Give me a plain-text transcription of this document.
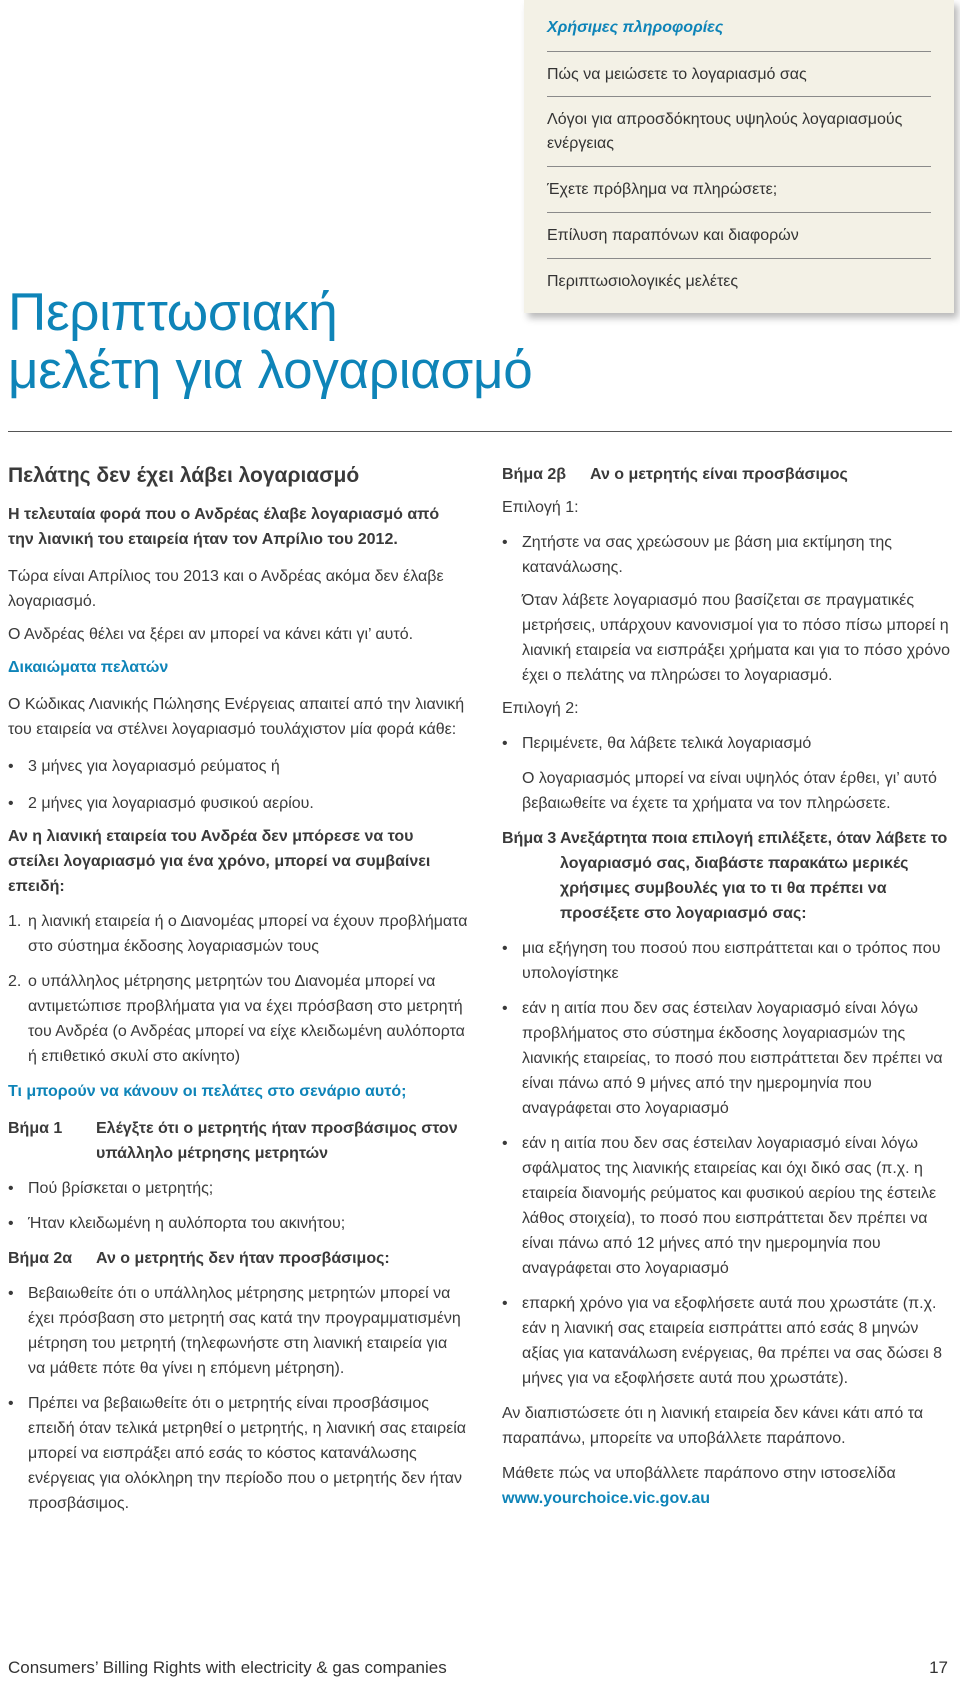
Χρήσιμες πληροφορίες
Πώς να μειώσετε το λογαριασμό σας
Λόγοι για απροσδόκητους υψηλούς λογαριασμούς ενέργειας
Έχετε πρόβλημα να πληρώσετε;
Επίλυση παραπόνων και διαφορών
Περιπτωσιολογικές μελέτες
Περιπτωσιακή
μελέτη για λογαριασμό

Πελάτης δεν έχει λάβει λογαριασμό

Η τελευταία φορά που ο Ανδρέας έλαβε λογαριασμό από την λιανική του εταιρεία ήταν τον Απρίλιο του 2012.

Τώρα είναι Απρίλιος του 2013 και ο Ανδρέας ακόμα δεν έλαβε λογαριασμό.

Ο Ανδρέας θέλει να ξέρει αν μπορεί να κάνει κάτι γι’ αυτό.

Δικαιώματα πελατών

Ο Κώδικας Λιανικής Πώλησης Ενέργειας απαιτεί από την λιανική του εταιρεία να στέλνει λογαριασμό τουλάχιστον μία φορά κάθε:

• 3 μήνες για λογαριασμό ρεύματος ή

• 2 μήνες για λογαριασμό φυσικού αερίου.

Αν η λιανική εταιρεία του Ανδρέα δεν μπόρεσε να του στείλει λογαριασμό για ένα χρόνο, μπορεί να συμβαίνει επειδή:

1. η λιανική εταιρεία ή ο Διανομέας μπορεί να έχουν προβλήματα στο σύστημα έκδοσης λογαριασμών τους
2. ο υπάλληλος μέτρησης μετρητών του Διανομέα μπορεί να αντιμετώπισε προβλήματα για να έχει πρόσβαση στο μετρητή του Ανδρέα (ο Ανδρέας μπορεί να είχε κλειδωμένη αυλόπορτα ή επιθετικό σκυλί στο ακίνητο)

Τι μπορούν να κάνουν οι πελάτες στο σενάριο αυτό;

Βήμα 1 Ελέγξτε ότι ο μετρητής ήταν προσβάσιμος στον υπάλληλο μέτρησης μετρητών

• Πού βρίσκεται ο μετρητής;

• Ήταν κλειδωμένη η αυλόπορτα του ακινήτου;

Βήμα 2α Αν ο μετρητής δεν ήταν προσβάσιμος:

• Βεβαιωθείτε ότι ο υπάλληλος μέτρησης μετρητών μπορεί να έχει πρόσβαση στο μετρητή σας κατά την προγραμματισμένη μέτρηση του μετρητή (τηλεφωνήστε στη λιανική εταιρεία για να μάθετε πότε θα γίνει η επόμενη μέτρηση).

• Πρέπει να βεβαιωθείτε ότι ο μετρητής είναι προσβάσιμος επειδή όταν τελικά μετρηθεί ο μετρητής, η λιανική σας εταιρεία μπορεί να εισπράξει από εσάς το κόστος κατανάλωσης ενέργειας για ολόκληρη την περίοδο που ο μετρητής δεν ήταν προσβάσιμος.

Βήμα 2β Αν ο μετρητής είναι προσβάσιμος

Επιλογή 1:

• Ζητήστε να σας χρεώσουν με βάση μια εκτίμηση της κατανάλωσης.

Όταν λάβετε λογαριασμό που βασίζεται σε πραγματικές μετρήσεις, υπάρχουν κανονισμοί για το πόσο πίσω μπορεί η λιανική εταιρεία να εισπράξει χρήματα και για το πόσο χρόνο έχει ο πελάτης να πληρώσει το λογαριασμό.

Επιλογή 2:

• Περιμένετε, θα λάβετε τελικά λογαριασμό

Ο λογαριασμός μπορεί να είναι υψηλός όταν έρθει, γι’ αυτό βεβαιωθείτε να έχετε τα χρήματα να τον πληρώσετε.

Βήμα 3 Ανεξάρτητα ποια επιλογή επιλέξετε, όταν λάβετε το λογαριασμό σας, διαβάστε παρακάτω μερικές χρήσιμες συμβουλές για το τι θα πρέπει να προσέξετε στο λογαριασμό σας:

• μια εξήγηση του ποσού που εισπράττεται και ο τρόπος που υπολογίστηκε

• εάν η αιτία που δεν σας έστειλαν λογαριασμό είναι λόγω προβλήματος στο σύστημα έκδοσης λογαριασμών της λιανικής εταιρείας, το ποσό που εισπράττεται δεν πρέπει να είναι πάνω από 9 μήνες από την ημερομηνία που αναγράφεται στο λογαριασμό

• εάν η αιτία που δεν σας έστειλαν λογαριασμό είναι λόγω σφάλματος της λιανικής εταιρείας και όχι δικό σας (π.χ. η εταιρεία διανομής ρεύματος και φυσικού αερίου της έστειλε λάθος στοιχεία), το ποσό που εισπράττεται δεν πρέπει να είναι πάνω από 12 μήνες από την ημερομηνία που αναγράφεται στο λογαριασμό

• επαρκή χρόνο για να εξοφλήσετε αυτά που χρωστάτε (π.χ. εάν η λιανική σας εταιρεία εισπράττει από εσάς 8 μηνών αξίας για κατανάλωση ενέργειας, θα πρέπει να σας δώσει 8 μήνες για να εξοφλήσετε αυτά που χρωστάτε).

Αν διαπιστώσετε ότι η λιανική εταιρεία δεν κάνει κάτι από τα παραπάνω, μπορείτε να υποβάλλετε παράπονο.

Μάθετε πώς να υποβάλλετε παράπονο στην ιστοσελίδα

www.yourchoice.vic.gov.au

Consumers’ Billing Rights with electricity & gas companies	17
